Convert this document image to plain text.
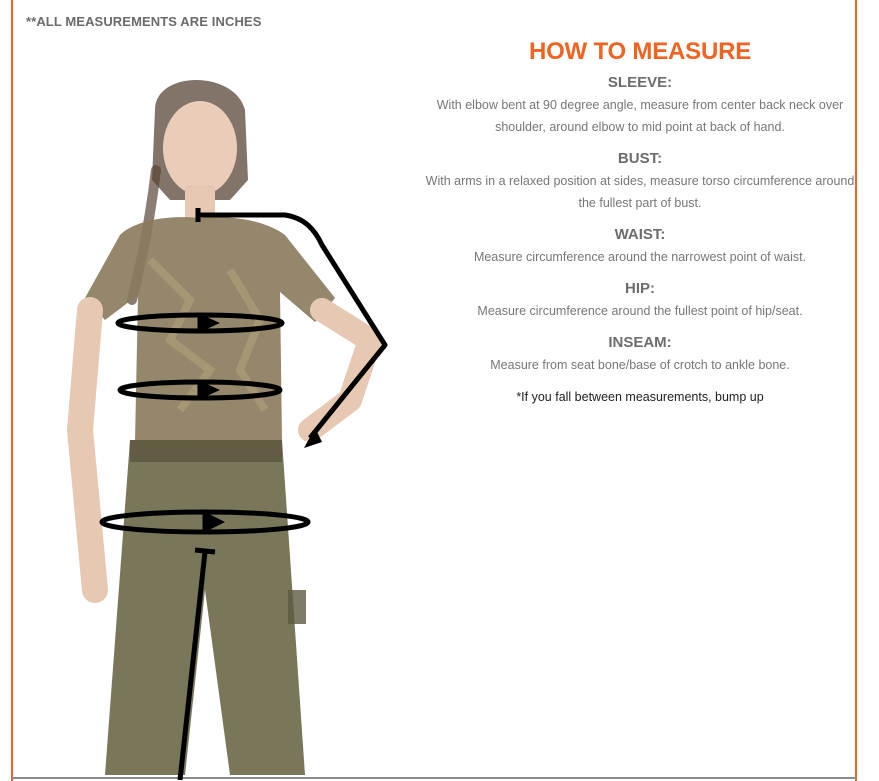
**ALL MEASUREMENTS ARE INCHES
HOW TO MEASURE
SLEEVE:
With elbow bent at 90 degree angle, measure from center back neck over shoulder, around elbow to mid point at back of hand.
BUST:
With arms in a relaxed position at sides, measure torso circumference around the fullest part of bust.
WAIST:
Measure circumference around the narrowest point of waist.
HIP:
Measure circumference around the fullest point of hip/seat.
INSEAM:
Measure from seat bone/base of crotch to ankle bone.
*If you fall between measurements, bump up
